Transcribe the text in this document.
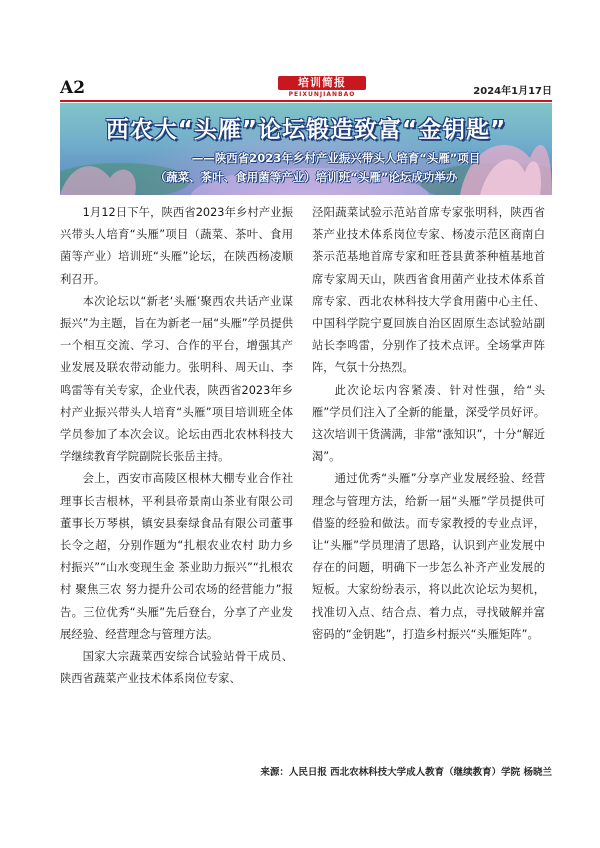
A2	培训简报
PEIXUNJIANBAO	2024年1月17日
西农大“头雁”论坛锻造致富“金钥匙”
——陕西省2023年乡村产业振兴带头人培育“头雁”项目
（蔬菜、茶叶、食用菌等产业）培训班“头雁”论坛成功举办

1月12日下午，陕西省2023年乡村产业振兴带头人培育“头雁”项目（蔬菜、茶叶、食用菌等产业）培训班“头雁”论坛，在陕西杨凌顺利召开。

本次论坛以“新老‘头雁’聚西农共话产业谋振兴”为主题，旨在为新老一届“头雁”学员提供一个相互交流、学习、合作的平台，增强其产业发展及联农带动能力。张明科、周天山、李鸣雷等有关专家，企业代表，陕西省2023年乡村产业振兴带头人培育“头雁”项目培训班全体学员参加了本次会议。论坛由西北农林科技大学继续教育学院副院长张岳主持。

会上，西安市高陵区根林大棚专业合作社理事长吉根林，平利县帝景南山茶业有限公司董事长万琴棋，镇安县秦绿食品有限公司董事长令之超，分别作题为“扎根农业农村 助力乡村振兴”“山水变现生金 茶业助力振兴”“扎根农村 聚焦三农 努力提升公司农场的经营能力”报告。三位优秀“头雁”先后登台，分享了产业发展经验、经营理念与管理方法。

国家大宗蔬菜西安综合试验站骨干成员、陕西省蔬菜产业技术体系岗位专家、

泾阳蔬菜试验示范站首席专家张明科，陕西省茶产业技术体系岗位专家、杨凌示范区商南白茶示范基地首席专家和旺苍县黄茶种植基地首席专家周天山，陕西省食用菌产业技术体系首席专家、西北农林科技大学食用菌中心主任、中国科学院宁夏回族自治区固原生态试验站副站长李鸣雷，分别作了技术点评。全场掌声阵阵，气氛十分热烈。

此次论坛内容紧凑、针对性强，给“头雁”学员们注入了全新的能量，深受学员好评。这次培训干货满满，非常“涨知识”，十分“解近渴”。

通过优秀“头雁”分享产业发展经验、经营理念与管理方法，给新一届“头雁”学员提供可借鉴的经验和做法。而专家教授的专业点评，让“头雁”学员理清了思路，认识到产业发展中存在的问题，明确下一步怎么补齐产业发展的短板。大家纷纷表示，将以此次论坛为契机，找准切入点、结合点、着力点，寻找破解并富密码的“金钥匙”，打造乡村振兴“头雁矩阵”。

来源：人民日报 西北农林科技大学成人教育（继续教育）学院 杨晓兰
